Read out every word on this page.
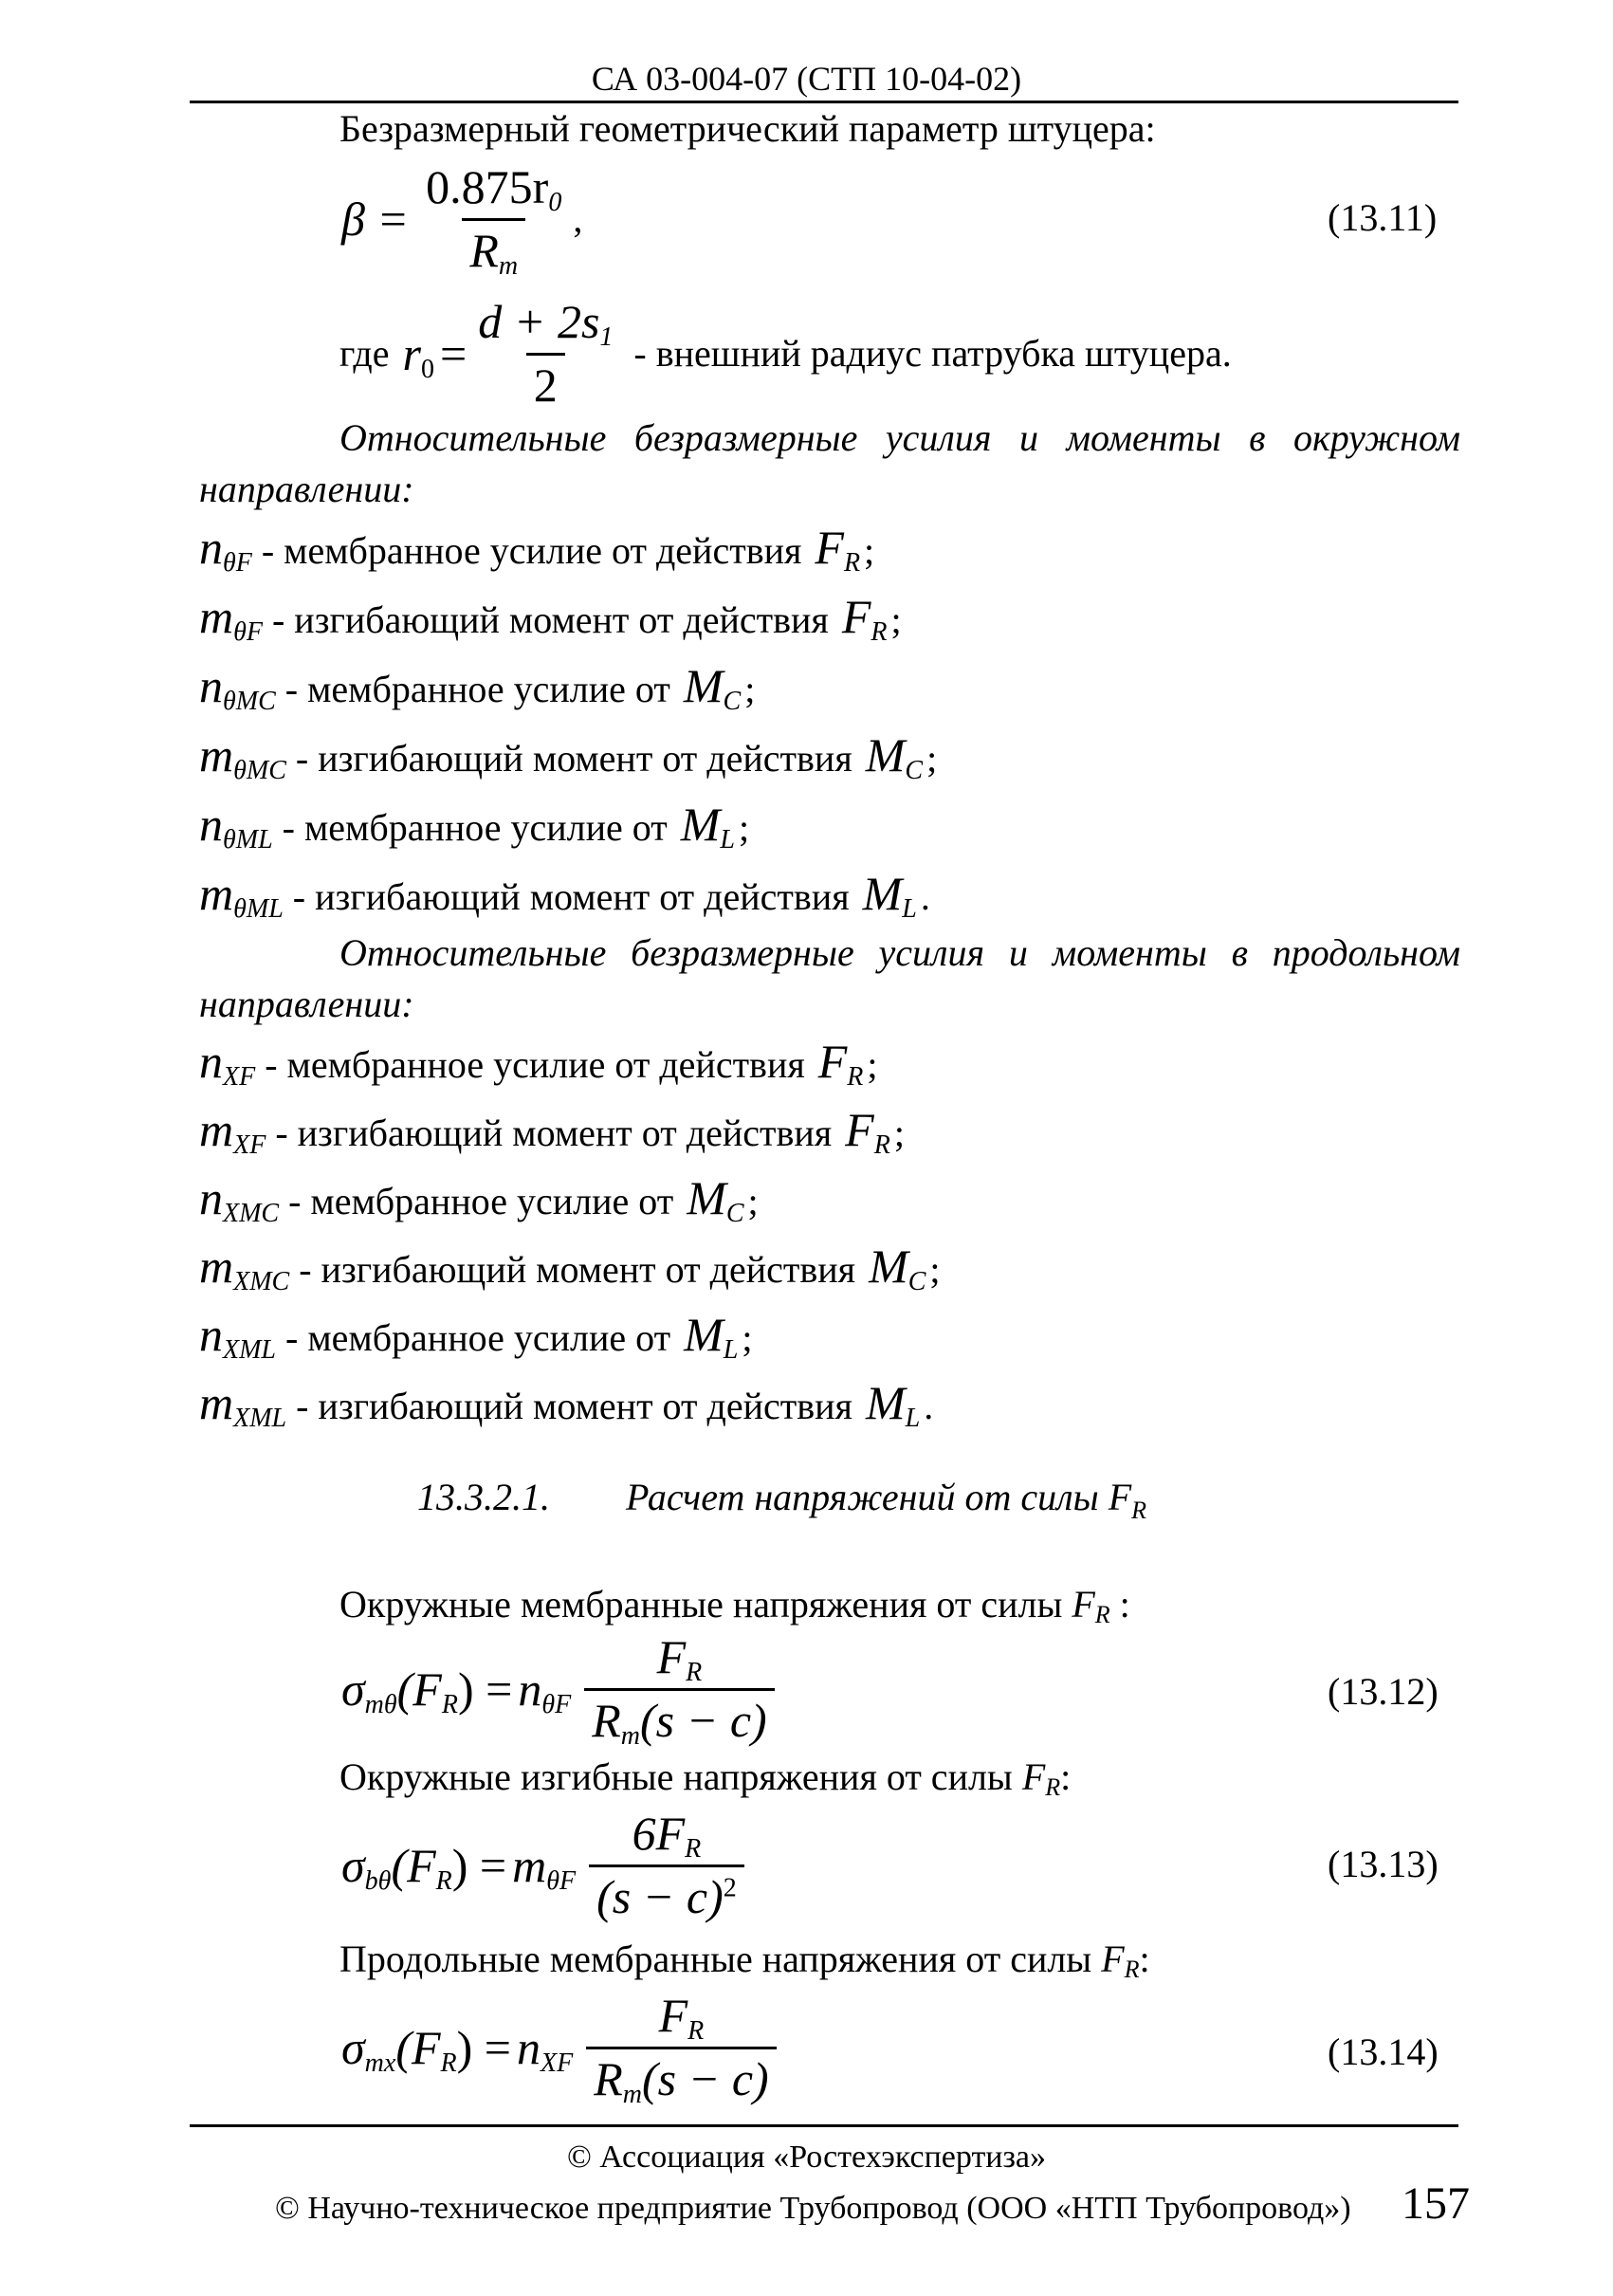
СА 03-004-07 (СТП 10-04-02)
Безразмерный геометрический параметр штуцера:
$\beta = \frac{0.875r_0}{R_m}$ ,	(13.11)
где $r_0 = \frac{d + 2s_1}{2}$ - внешний радиус патрубка штуцера.
Относительные безразмерные усилия и моменты в окружном направлении:
$n_{\theta F}$ - мембранное усилие от действия $F_R$ ;
$m_{\theta F}$ - изгибающий момент от действия $F_R$ ;
$n_{\theta MC}$ - мембранное усилие от $M_C$ ;
$m_{\theta MC}$ - изгибающий момент от действия $M_C$ ;
$n_{\theta ML}$ - мембранное усилие от $M_L$ ;
$m_{\theta ML}$ - изгибающий момент от действия $M_L$ .
Относительные безразмерные усилия и моменты в продольном направлении:
$n_{XF}$ - мембранное усилие от действия $F_R$ ;
$m_{XF}$ - изгибающий момент от действия $F_R$ ;
$n_{XMC}$ - мембранное усилие от $M_C$ ;
$m_{XMC}$ - изгибающий момент от действия $M_C$ ;
$n_{XML}$ - мембранное усилие от $M_L$ ;
$m_{XML}$ - изгибающий момент от действия $M_L$ .
13.3.2.1. Расчет напряжений от силы $F_R$
Окружные мембранные напряжения от силы $F_R$ :
$\sigma_{m\theta}$ $(F_R) = n_{\theta F} \frac{F_R}{R_m(s - c)}$	(13.12)
Окружные изгибные напряжения от силы $F_R$:
$\sigma_{b\theta}$ $(F_R) = m_{\theta F} \frac{6F_R}{(s - c)^2}$	(13.13)
Продольные мембранные напряжения от силы $F_R$:
$\sigma_{mx}$ $(F_R) = n_{XF} \frac{F_R}{R_m(s - c)}$	(13.14)
© Ассоциация «Ростехэкспертиза»
© Научно-техническое предприятие Трубопровод (ООО «НТП Трубопровод») 157
